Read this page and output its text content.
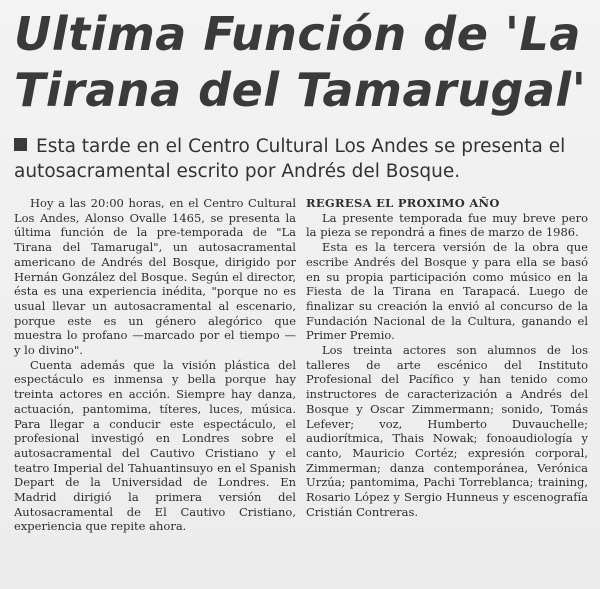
Ultima Función de 'La Tirana del Tamarugal'
Esta tarde en el Centro Cultural Los Andes se presenta el autosacramental escrito por Andrés del Bosque.

Hoy a las 20:00 horas, en el Centro Cultural Los Andes, Alonso Ovalle 1465, se presenta la última función de la pre-temporada de "La Tirana del Tamarugal", un autosacramental americano de Andrés del Bosque, dirigido por Hernán González del Bosque. Según el director, ésta es una experiencia inédita, "porque no es usual llevar un autosacramental al escenario, porque este es un género alegórico que muestra lo profano —marcado por el tiempo — y lo divino".

Cuenta además que la visión plástica del espectáculo es inmensa y bella porque hay treinta actores en acción. Siempre hay danza, actuación, pantomima, títeres, luces, música. Para llegar a conducir este espectáculo, el profesional investigó en Londres sobre el autosacramental del Cautivo Cristiano y el teatro Imperial del Tahuantinsuyo en el Spanish Depart de la Universidad de Londres. En Madrid dirigió la primera versión del Autosacramental de El Cautivo Cristiano, experiencia que repite ahora.

REGRESA EL PROXIMO AÑO

La presente temporada fue muy breve pero la pieza se repondrá a fines de marzo de 1986.

Esta es la tercera versión de la obra que escribe Andrés del Bosque y para ella se basó en su propia participación como músico en la Fiesta de la Tirana en Tarapacá. Luego de finalizar su creación la envió al concurso de la Fundación Nacional de la Cultura, ganando el Primer Premio.

Los treinta actores son alumnos de los talleres de arte escénico del Instituto Profesional del Pacífico y han tenido como instructores de caracterización a Andrés del Bosque y Oscar Zimmermann; sonido, Tomás Lefever; voz, Humberto Duvauchelle; audiorítmica, Thais Nowak; fonoaudiología y canto, Mauricio Cortéz; expresión corporal, Zimmerman; danza contemporánea, Verónica Urzúa; pantomima, Pachi Torreblanca; training, Rosario López y Sergio Hunneus y escenografía Cristián Contreras.
